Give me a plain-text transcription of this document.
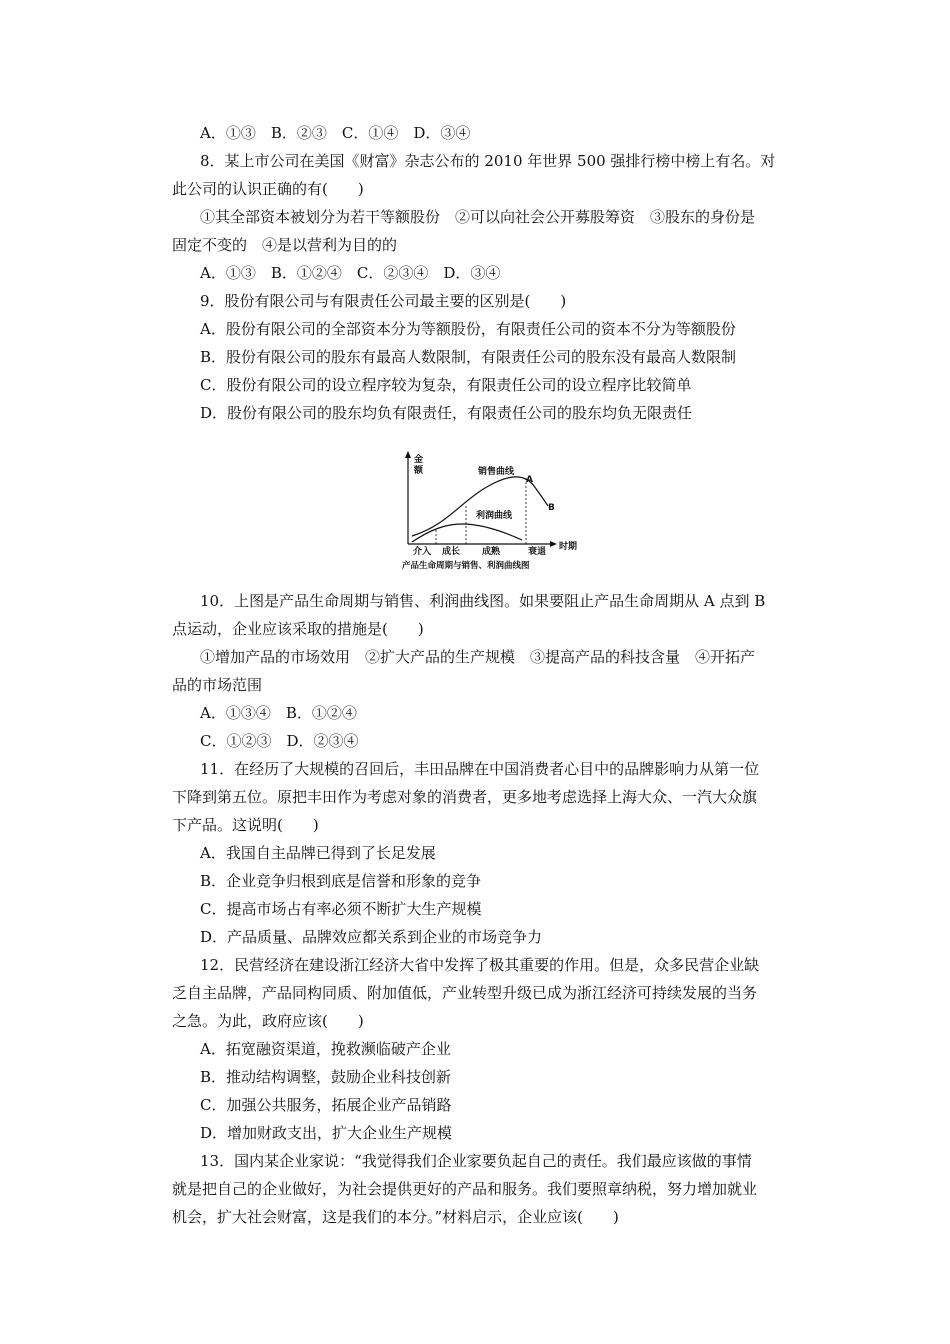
A．①③　B．②③　C．①④　D．③④
8．某上市公司在美国《财富》杂志公布的 2010 年世界 500 强排行榜中榜上有名。对
此公司的认识正确的有(　　)
①其全部资本被划分为若干等额股份　②可以向社会公开募股筹资　③股东的身份是
固定不变的　④是以营利为目的的
A．①③　B．①②④　C．②③④　D．③④
9．股份有限公司与有限责任公司最主要的区别是(　　)
A．股份有限公司的全部资本分为等额股份，有限责任公司的资本不分为等额股份
B．股份有限公司的股东有最高人数限制，有限责任公司的股东没有最高人数限制
C．股份有限公司的设立程序较为复杂，有限责任公司的设立程序比较简单
D．股份有限公司的股东均负有限责任，有限责任公司的股东均负无限责任
金
额
时期
销售曲线
利润曲线
A
B
介入 成长 成熟	衰退
产品生命周期与销售、利润曲线图
10．上图是产品生命周期与销售、利润曲线图。如果要阻止产品生命周期从 A 点到 B
点运动，企业应该采取的措施是(　　)
①增加产品的市场效用　②扩大产品的生产规模　③提高产品的科技含量　④开拓产
品的市场范围
A．①③④　B．①②④
C．①②③　D．②③④
11．在经历了大规模的召回后，丰田品牌在中国消费者心目中的品牌影响力从第一位
下降到第五位。原把丰田作为考虑对象的消费者，更多地考虑选择上海大众、一汽大众旗
下产品。这说明(　　)
A．我国自主品牌已得到了长足发展
B．企业竞争归根到底是信誉和形象的竞争
C．提高市场占有率必须不断扩大生产规模
D．产品质量、品牌效应都关系到企业的市场竞争力
12．民营经济在建设浙江经济大省中发挥了极其重要的作用。但是，众多民营企业缺
乏自主品牌，产品同构同质、附加值低，产业转型升级已成为浙江经济可持续发展的当务
之急。为此，政府应该(　　)
A．拓宽融资渠道，挽救濒临破产企业
B．推动结构调整，鼓励企业科技创新
C．加强公共服务，拓展企业产品销路
D．增加财政支出，扩大企业生产规模
13．国内某企业家说：“我觉得我们企业家要负起自己的责任。我们最应该做的事情
就是把自己的企业做好，为社会提供更好的产品和服务。我们要照章纳税，努力增加就业
机会，扩大社会财富，这是我们的本分。”材料启示，企业应该(　　)
